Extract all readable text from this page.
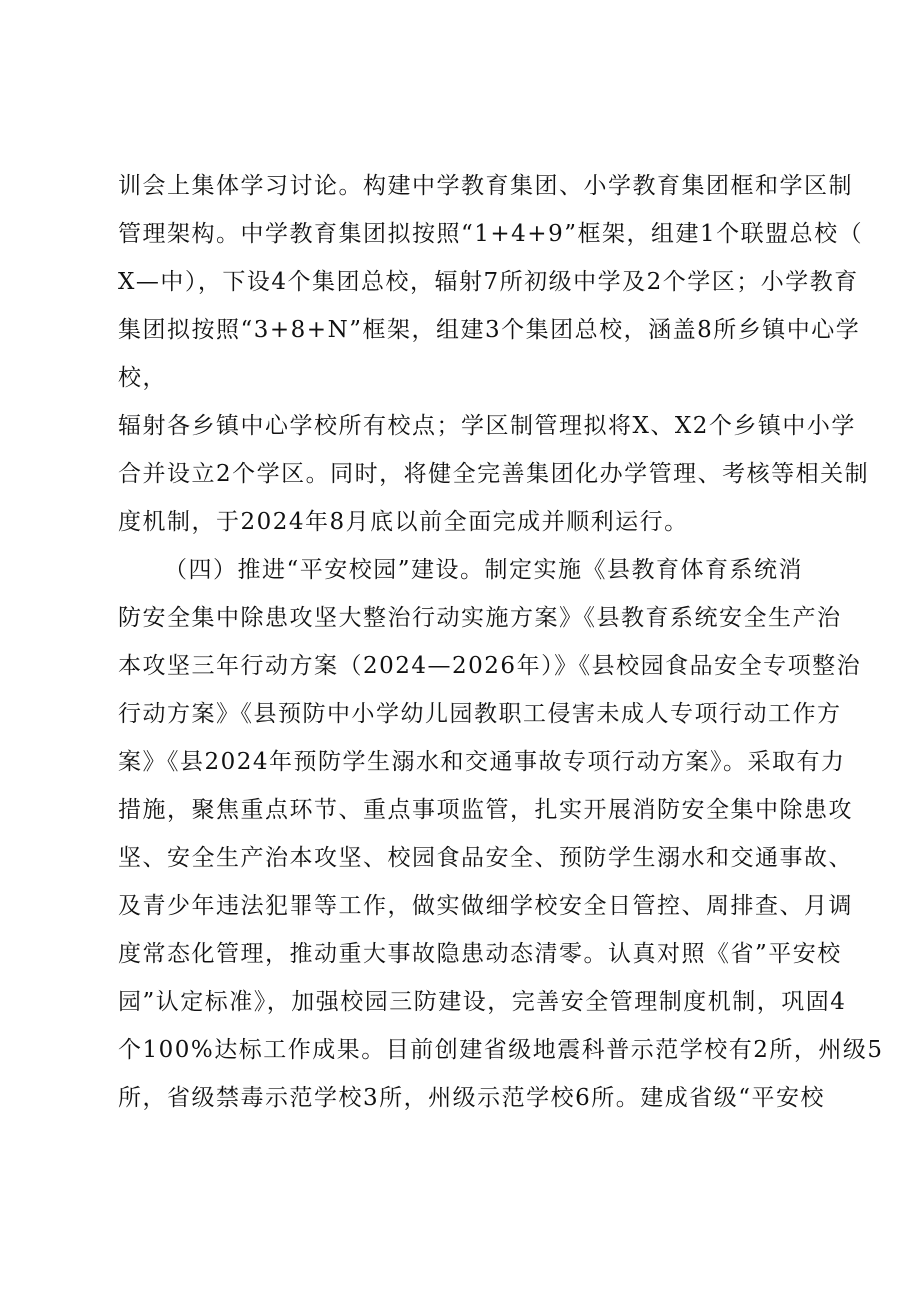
训会上集体学习讨论。构建中学教育集团、小学教育集团框和学区制
管理架构。中学教育集团拟按照“1+4+9”框架，组建1个联盟总校（
X—中），下设4个集团总校，辐射7所初级中学及2个学区；小学教育
集团拟按照“3+8+N”框架，组建3个集团总校，涵盖8所乡镇中心学
校，
辐射各乡镇中心学校所有校点；学区制管理拟将X、X2个乡镇中小学
合并设立2个学区。同时，将健全完善集团化办学管理、考核等相关制
度机制，于2024年8月底以前全面完成并顺利运行。
（四）推进“平安校园”建设。制定实施《县教育体育系统消
防安全集中除患攻坚大整治行动实施方案》《县教育系统安全生产治
本攻坚三年行动方案（2024—2026年）》《县校园食品安全专项整治
行动方案》《县预防中小学幼儿园教职工侵害未成人专项行动工作方
案》《县2024年预防学生溺水和交通事故专项行动方案》。采取有力
措施，聚焦重点环节、重点事项监管，扎实开展消防安全集中除患攻
坚、安全生产治本攻坚、校园食品安全、预防学生溺水和交通事故、
及青少年违法犯罪等工作，做实做细学校安全日管控、周排查、月调
度常态化管理，推动重大事故隐患动态清零。认真对照《省”平安校
园”认定标准》，加强校园三防建设，完善安全管理制度机制，巩固4
个100%达标工作成果。目前创建省级地震科普示范学校有2所，州级5
所，省级禁毒示范学校3所，州级示范学校6所。建成省级“平安校
